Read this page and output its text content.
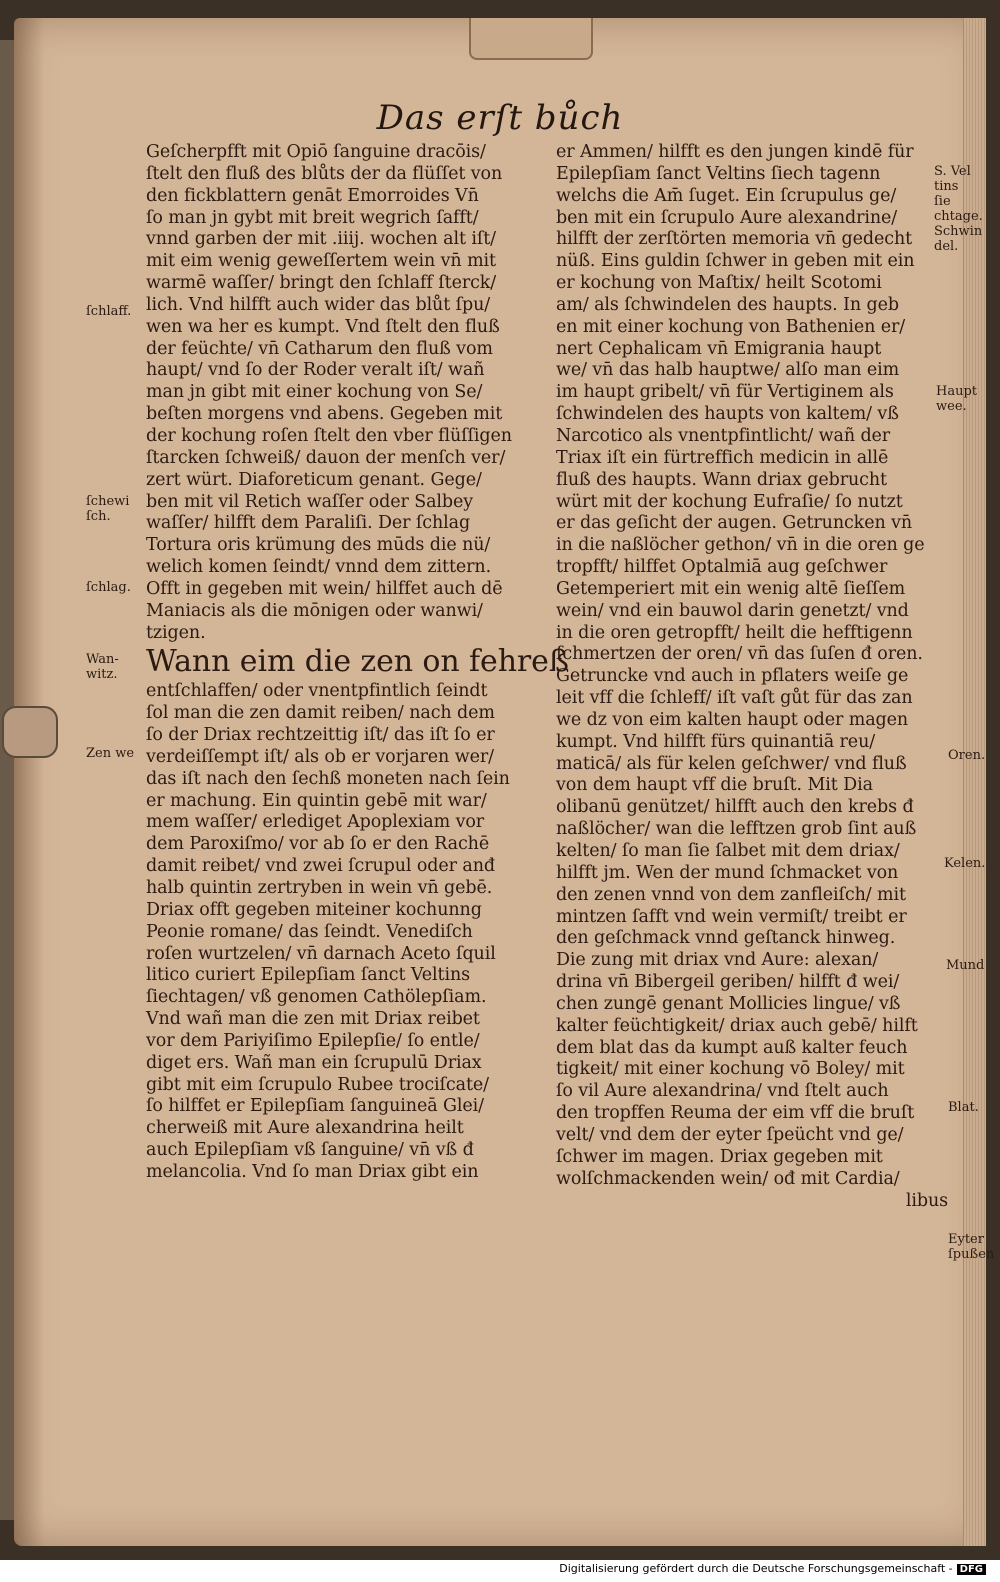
Das erſt bůch
Geſcherpfft mit Opiō ſanguine dracōis/
ſtelt den fluß des blůts der da flüſſet von
den fickblattern genāt Emorroides Vn̄
ſo man jn gybt mit breit wegrich ſafft/
vnnd garben der mit .iiij. wochen alt iſt/
mit eim wenig geweſſertem wein vn̄ mit
warmē waſſer/ bringt den ſchlaff ſterck/
lich. Vnd hilfft auch wider das blůt ſpu/
wen wa her es kumpt. Vnd ſtelt den fluß
der feüchte/ vn̄ Catharum den fluß vom
haupt/ vnd ſo der Roder veralt iſt/ wañ
man jn gibt mit einer kochung von Se/
beſten morgens vnd abens. Gegeben mit
der kochung roſen ſtelt den vber flüſſigen
ſtarcken ſchweiß/ dauon der menſch ver/
zert würt. Diaforeticum genant. Gege/
ben mit vil Retich waſſer oder Salbey
waſſer/ hilfft dem Paraliſi. Der ſchlag
Tortura oris krümung des mūds die nü/
welich komen ſeindt/ vnnd dem zittern.
Offt in gegeben mit wein/ hilffet auch dē
Maniacis als die mōnigen oder wanwi/
tzigen.
Wann eim die zen on fehreß
entſchlaffen/ oder vnentpfintlich ſeindt
ſol man die zen damit reiben/ nach dem
ſo der Driax rechtzeittig iſt/ das iſt ſo er
verdeiſſempt iſt/ als ob er vorjaren wer/
das iſt nach den ſechß moneten nach ſein
er machung. Ein quintin gebē mit war/
mem waſſer/ erlediget Apoplexiam vor
dem Paroxiſmo/ vor ab ſo er den Rachē
damit reibet/ vnd zwei ſcrupul oder anđ
halb quintin zertryben in wein vn̄ gebē.
Driax offt gegeben miteiner kochunng
Peonie romane/ das ſeindt. Venediſch
roſen wurtzelen/ vn̄ darnach Aceto ſquil
litico curiert Epilepſiam ſanct Veltins
ſiechtagen/ vß genomen Cathölepſiam.
Vnd wañ man die zen mit Driax reibet
vor dem Pariyiſimo Epilepſie/ ſo entle/
diget ers. Wañ man ein ſcrupulū Driax
gibt mit eim ſcrupulo Rubee trociſcate/
ſo hilffet er Epilepſiam ſanguineā Glei/
cherweiß mit Aure alexandrina heilt
auch Epilepſiam vß ſanguine/ vn̄ vß đ
melancolia. Vnd ſo man Driax gibt ein
er Ammen/ hilfft es den jungen kindē für
Epilepſiam ſanct Veltins ſiech tagenn
welchs die Am̄ ſuget. Ein ſcrupulus ge/
ben mit ein ſcrupulo Aure alexandrine/
hilfft der zerſtörten memoria vn̄ gedecht
nüß. Eins guldin ſchwer in geben mit ein
er kochung von Maſtix/ heilt Scotomi
am/ als ſchwindelen des haupts. In geb
en mit einer kochung von Bathenien er/
nert Cephalicam vn̄ Emigrania haupt
we/ vn̄ das halb hauptwe/ alſo man eim
im haupt gribelt/ vn̄ für Vertiginem als
ſchwindelen des haupts von kaltem/ vß
Narcotico als vnentpfintlicht/ wañ der
Triax iſt ein fürtreffich medicin in allē
fluß des haupts. Wann driax gebrucht
würt mit der kochung Eufraſie/ ſo nutzt
er das geſicht der augen. Getruncken vn̄
in die naßlöcher gethon/ vn̄ in die oren ge
tropfft/ hilffet Optalmiā aug geſchwer
Getemperiert mit ein wenig altē ſieſſem
wein/ vnd ein bauwol darin genetzt/ vnd
in die oren getropfft/ heilt die hefftigenn
ſchmertzen der oren/ vn̄ das ſuſen đ oren.
Getruncke vnd auch in pflaters weiſe ge
leit vff die ſchleff/ iſt vaſt gůt für das zan
we dz von eim kalten haupt oder magen
kumpt. Vnd hilfft fürs quinantiā reu/
maticā/ als für kelen geſchwer/ vnd fluß
von dem haupt vff die bruſt. Mit Dia
olibanū genützet/ hilfft auch den krebs đ
naßlöcher/ wan die lefftzen grob ſint auß
kelten/ ſo man ſie ſalbet mit dem driax/
hilfft jm. Wen der mund ſchmacket von
den zenen vnnd von dem zanfleiſch/ mit
mintzen ſafft vnd wein vermiſt/ treibt er
den geſchmack vnnd geſtanck hinweg.
Die zung mit driax vnd Aure: alexan/
drina vn̄ Bibergeil geriben/ hilfft đ wei/
chen zungē genant Mollicies lingue/ vß
kalter feüchtigkeit/ driax auch gebē/ hilft
dem blat das da kumpt auß kalter feuch
tigkeit/ mit einer kochung vō Boley/ mit
ſo vil Aure alexandrina/ vnd ſtelt auch
den tropffen Reuma der eim vff die bruſt
velt/ vnd dem der eyter ſpeücht vnd ge/
ſchwer im magen. Driax gegeben mit
wolſchmackenden wein/ ođ mit Cardia/
libus
ſchlaff.
ſchewi ſch.
ſchlag.
Wan-witz.
Zen we
S. Vel tins ſie chtage. Schwin del.
Haupt wee.
Oren.
Kelen.
Mund
Blat.
Eyter ſpußen
Digitalisierung gefördert durch die Deutsche Forschungsgemeinschaft - DFG
